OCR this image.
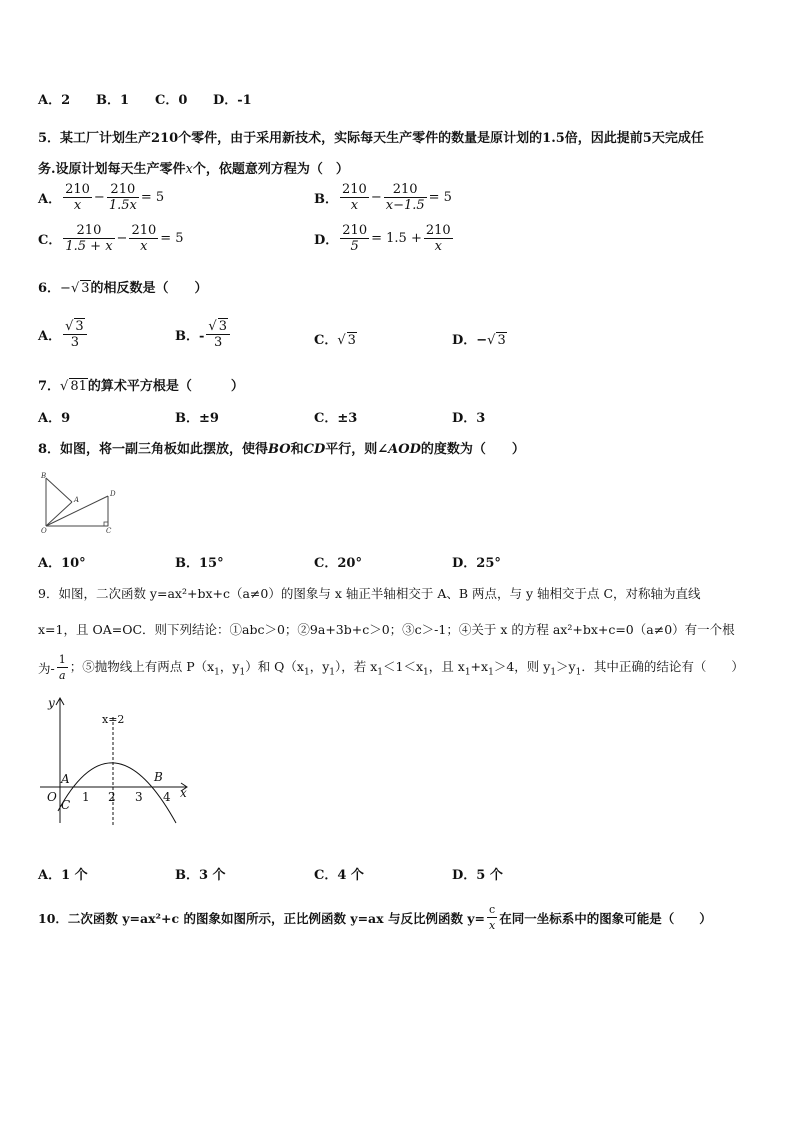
A．2 B．1 C．0 D．-1
5．某工厂计划生产210个零件，由于采用新技术，实际每天生产零件的数量是原计划的1.5倍，因此提前5天完成任
务.设原计划每天生产零件x个，依题意列方程为（　）
A． $\frac{210}{x} - \frac{210}{1.5x} = 5$	B． $\frac{210}{x} - \frac{210}{x-1.5} = 5$
C． $\frac{210}{1.5 + x} - \frac{210}{x} = 5$	D． $\frac{210}{5} = 1.5 + \frac{210}{x}$
6．−√ 3的相反数是（　　）
A． $\frac{√ 3}{3}$	B．- $\frac{√ 3}{3}$	C．√ 3	D．−√ 3
7．√ 81的算术平方根是（　　　）
A．9	B．±9	C．±3	D．3
8．如图，将一副三角板如此摆放，使得BO和CD平行，则∠AOD的度数为（　　）
B
A
D
O	C
A．10°	B．15°	C．20°	D．25°
9．如图，二次函数 y=ax²+bx+c（a≠0）的图象与 x 轴正半轴相交于 A、B 两点，与 y 轴相交于点 C，对称轴为直线
x=1，且 OA=OC．则下列结论：①abc＞0；②9a+3b+c＞0；③c＞-1；④关于 x 的方程 ax²+bx+c=0（a≠0）有一个根
为- $\frac{1}{a}$ ；⑤抛物线上有两点 $P(x_1$，$y_1$）和 $Q(x_1$，$y_1$），若 $x_1<1<x_1$，且 $x_1+x_1>4$，则 $y_1>y_1$．其中正确的结论有（　　）
y
x
x=2
O
A	B
C
1 2 3 4
A．1 个	B．3 个	C．4 个	D．5 个
10．二次函数 y=ax²+c 的图象如图所示，正比例函数 y=ax 与反比例函数 $y= \frac{c}{x}$ 在同一坐标系中的图象可能是（　　）
